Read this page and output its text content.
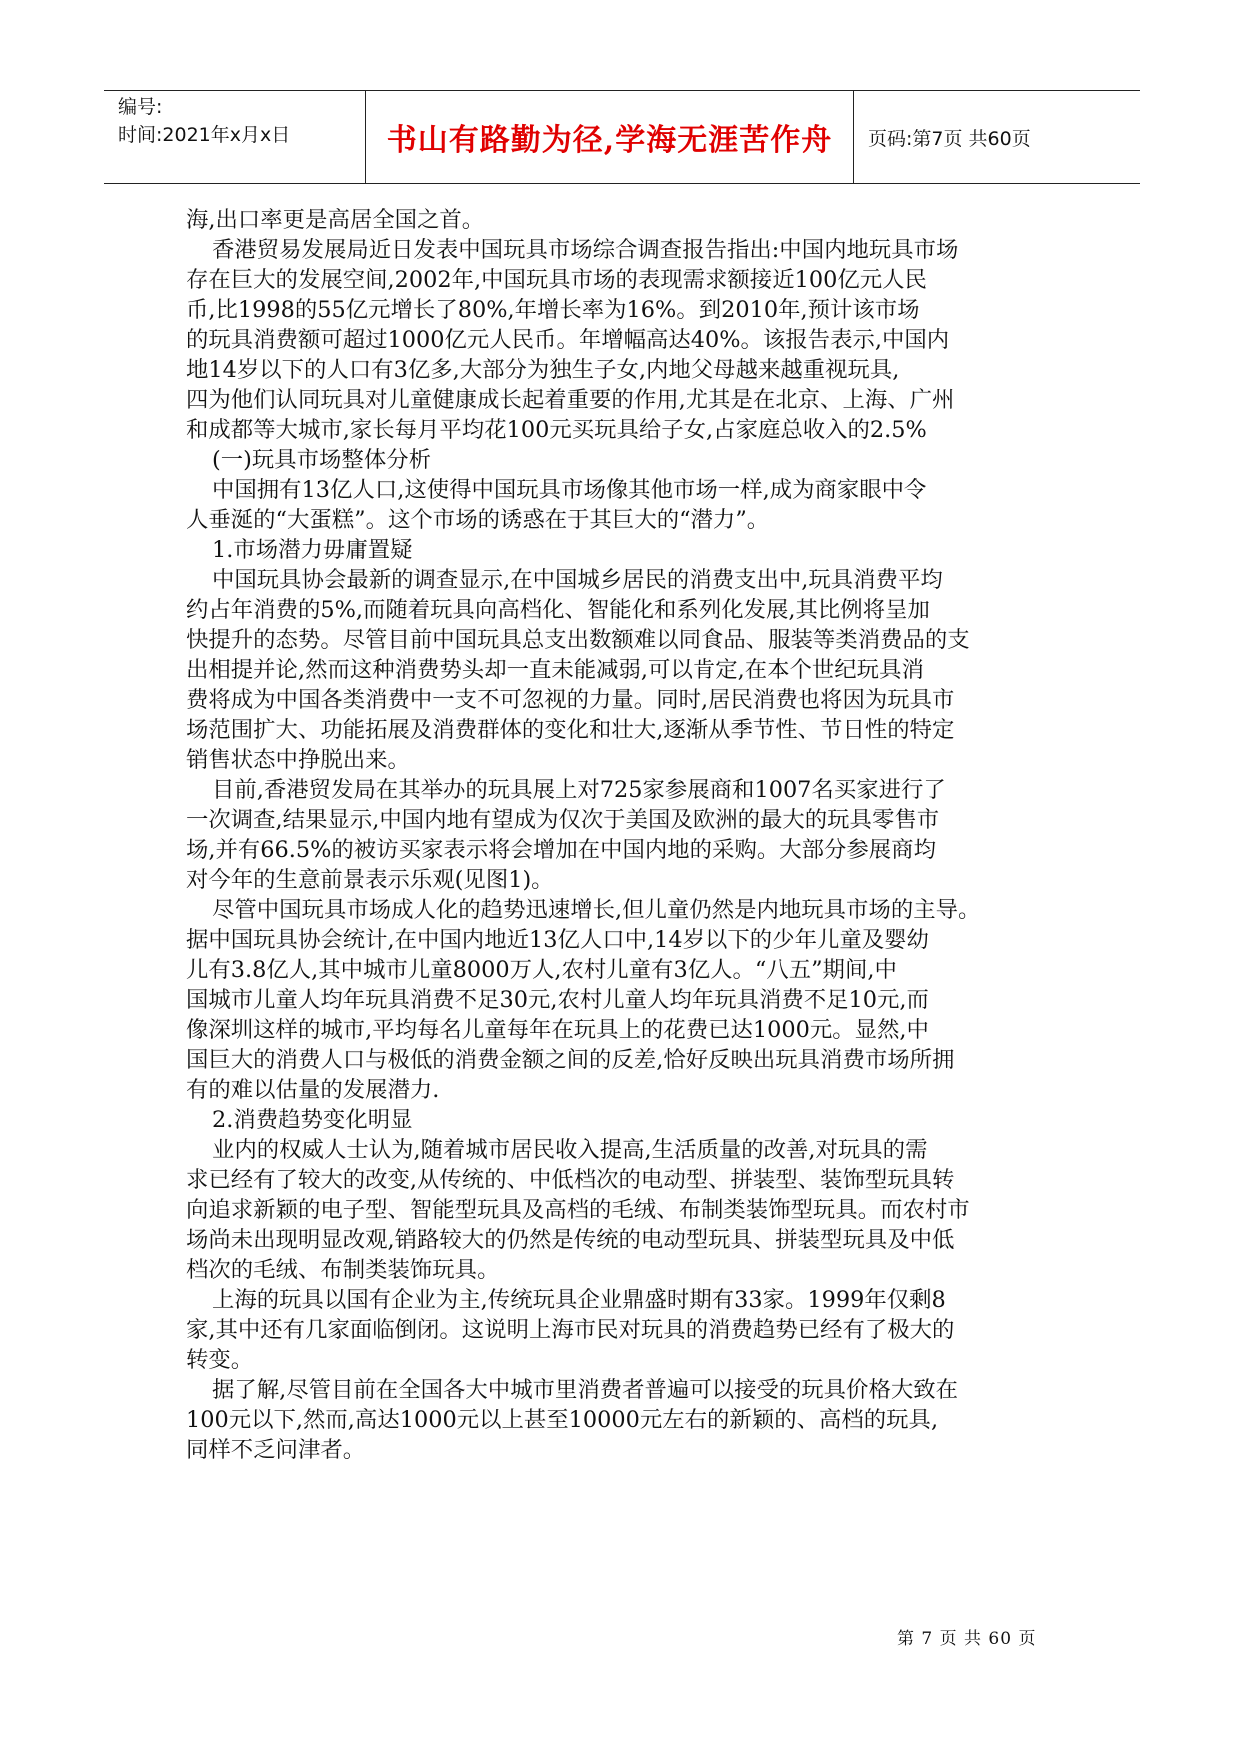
编号:
时间:2021年x月x日	书山有路勤为径,学海无涯苦作舟	页码:第7页 共60页

海,出口率更是高居全国之首。

香港贸易发展局近日发表中国玩具市场综合调查报告指出:中国内地玩具市场

存在巨大的发展空间,2002年,中国玩具市场的表现需求额接近100亿元人民

币,比1998的55亿元增长了80%,年增长率为16%。到2010年,预计该市场

的玩具消费额可超过1000亿元人民币。年增幅高达40%。该报告表示,中国内

地14岁以下的人口有3亿多,大部分为独生子女,内地父母越来越重视玩具,

四为他们认同玩具对儿童健康成长起着重要的作用,尤其是在北京、上海、广州

和成都等大城市,家长每月平均花100元买玩具给子女,占家庭总收入的2.5%

(一)玩具市场整体分析

中国拥有13亿人口,这使得中国玩具市场像其他市场一样,成为商家眼中令

人垂涎的“大蛋糕”。这个市场的诱惑在于其巨大的“潜力”。

1.市场潜力毋庸置疑

中国玩具协会最新的调查显示,在中国城乡居民的消费支出中,玩具消费平均

约占年消费的5%,而随着玩具向高档化、智能化和系列化发展,其比例将呈加

快提升的态势。尽管目前中国玩具总支出数额难以同食品、服装等类消费品的支

出相提并论,然而这种消费势头却一直未能减弱,可以肯定,在本个世纪玩具消

费将成为中国各类消费中一支不可忽视的力量。同时,居民消费也将因为玩具市

场范围扩大、功能拓展及消费群体的变化和壮大,逐渐从季节性、节日性的特定

销售状态中挣脱出来。

目前,香港贸发局在其举办的玩具展上对725家参展商和1007名买家进行了

一次调查,结果显示,中国内地有望成为仅次于美国及欧洲的最大的玩具零售市

场,并有66.5%的被访买家表示将会增加在中国内地的采购。大部分参展商均

对今年的生意前景表示乐观(见图1)。

尽管中国玩具市场成人化的趋势迅速增长,但儿童仍然是内地玩具市场的主导。

据中国玩具协会统计,在中国内地近13亿人口中,14岁以下的少年儿童及婴幼

儿有3.8亿人,其中城市儿童8000万人,农村儿童有3亿人。“八五”期间,中

国城市儿童人均年玩具消费不足30元,农村儿童人均年玩具消费不足10元,而

像深圳这样的城市,平均每名儿童每年在玩具上的花费已达1000元。显然,中

国巨大的消费人口与极低的消费金额之间的反差,恰好反映出玩具消费市场所拥

有的难以估量的发展潜力.

2.消费趋势变化明显

业内的权威人士认为,随着城市居民收入提高,生活质量的改善,对玩具的需

求已经有了较大的改变,从传统的、中低档次的电动型、拼装型、装饰型玩具转

向追求新颖的电子型、智能型玩具及高档的毛绒、布制类装饰型玩具。而农村市

场尚未出现明显改观,销路较大的仍然是传统的电动型玩具、拼装型玩具及中低

档次的毛绒、布制类装饰玩具。

上海的玩具以国有企业为主,传统玩具企业鼎盛时期有33家。1999年仅剩8

家,其中还有几家面临倒闭。这说明上海市民对玩具的消费趋势已经有了极大的

转变。

据了解,尽管目前在全国各大中城市里消费者普遍可以接受的玩具价格大致在

100元以下,然而,高达1000元以上甚至10000元左右的新颖的、高档的玩具,

同样不乏问津者。

第 7 页 共 60 页
